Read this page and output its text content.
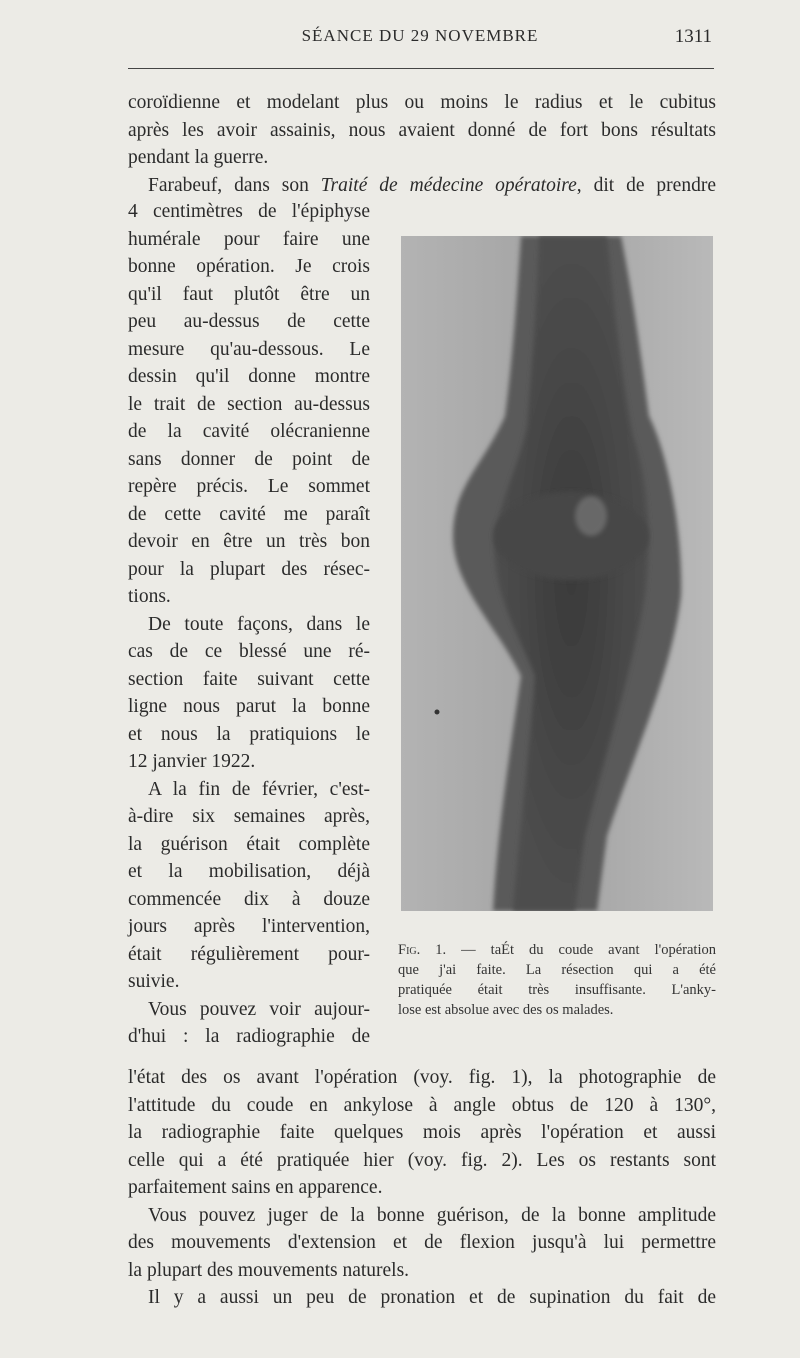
SÉANCE DU 29 NOVEMBRE	1311
coroïdienne et modelant plus ou moins le radius et le cubitus
après les avoir assainis, nous avaient donné de fort bons résultats
pendant la guerre.
Farabeuf, dans son Traité de médecine opératoire, dit de prendre
4 centimètres de l'épiphyse
humérale pour faire une
bonne opération. Je crois
qu'il faut plutôt être un
peu au-dessus de cette
mesure qu'au-dessous. Le
dessin qu'il donne montre
le trait de section au-dessus
de la cavité olécranienne
sans donner de point de
repère précis. Le sommet
de cette cavité me paraît
devoir en être un très bon
pour la plupart des résec-
tions.
De toute façons, dans le
cas de ce blessé une ré-
section faite suivant cette
ligne nous parut la bonne
et nous la pratiquions le
12 janvier 1922.
A la fin de février, c'est-
à-dire six semaines après,
la guérison était complète
et la mobilisation, déjà
commencée dix à douze
jours après l'intervention,
était régulièrement pour-
suivie.
Vous pouvez voir aujour-
d'hui : la radiographie de
Fig. 1. — taÉt du coude avant l'opération
que j'ai faite. La résection qui a été
pratiquée était très insuffisante. L'anky-
lose est absolue avec des os malades.
l'état des os avant l'opération (voy. fig. 1), la photographie de
l'attitude du coude en ankylose à angle obtus de 120 à 130°,
la radiographie faite quelques mois après l'opération et aussi
celle qui a été pratiquée hier (voy. fig. 2). Les os restants sont
parfaitement sains en apparence.
Vous pouvez juger de la bonne guérison, de la bonne amplitude
des mouvements d'extension et de flexion jusqu'à lui permettre
la plupart des mouvements naturels.
Il y a aussi un peu de pronation et de supination du fait de
